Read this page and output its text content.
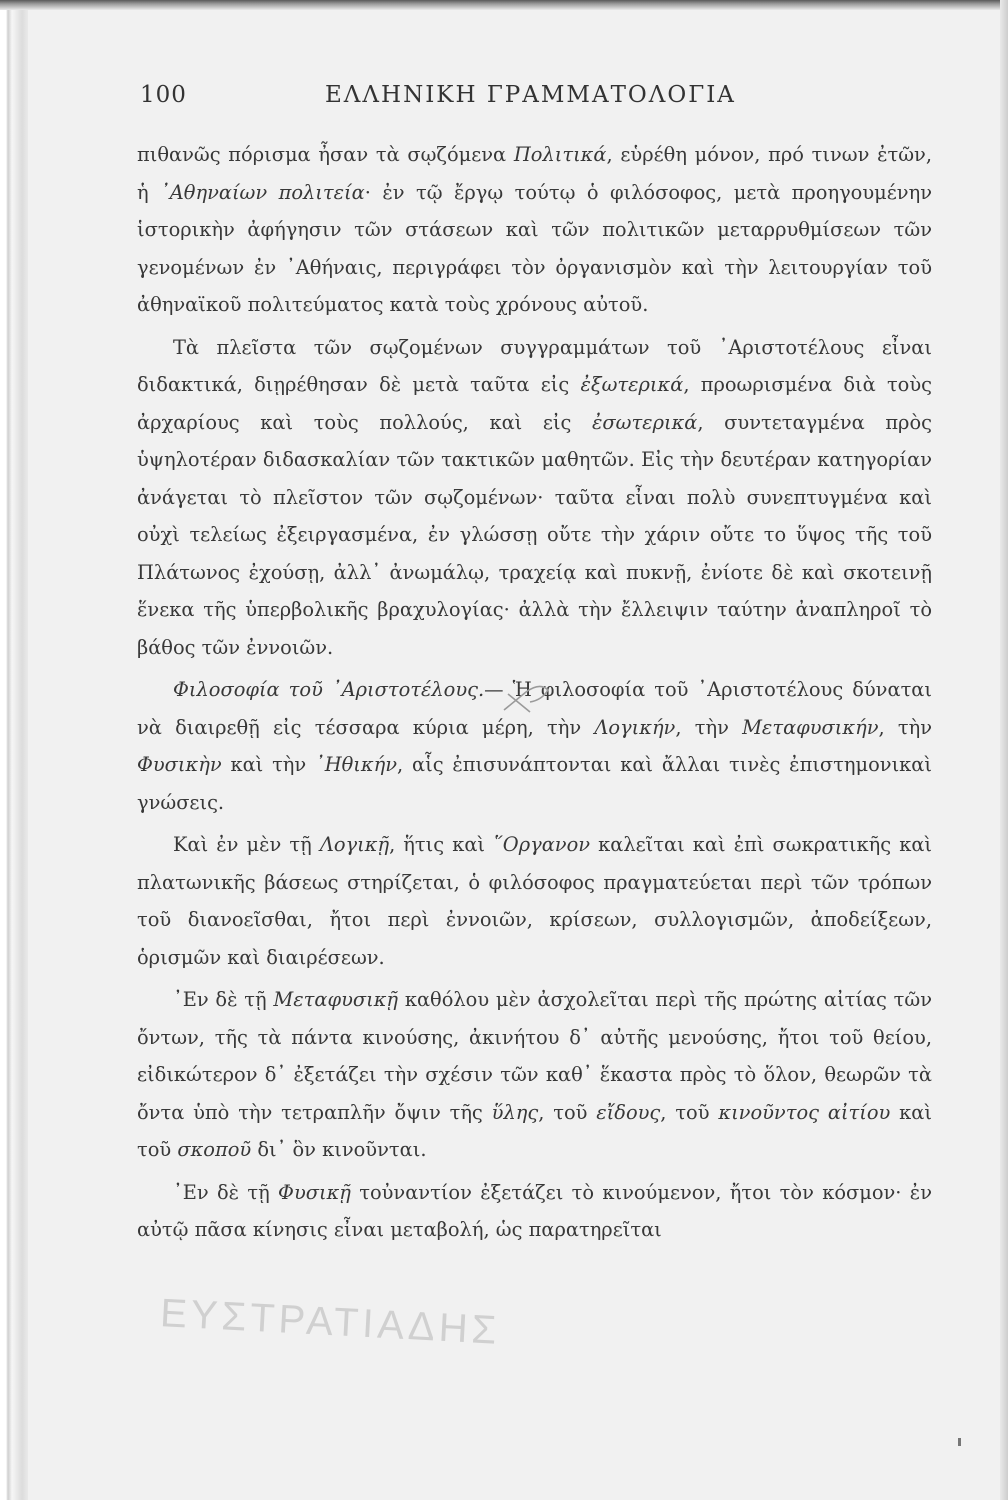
100	ΕΛΛΗΝΙΚΗ ΓΡΑΜΜΑΤΟΛΟΓΙΑ

πιθανῶς πόρισμα ἦσαν τὰ σῳζόμενα Πολιτικά, εὑρέθη μόνον, πρό τινων ἐτῶν, ἡ ᾽Αθηναίων πολιτεία· ἐν τῷ ἔργῳ τούτῳ ὁ φιλόσοφος, μετὰ προηγουμένην ἱστορικὴν ἀφήγησιν τῶν στάσεων καὶ τῶν πολιτικῶν μεταρρυθμίσεων τῶν γενομένων ἐν ᾽Αθήναις, περιγράφει τὸν ὀργανισμὸν καὶ τὴν λειτουργίαν τοῦ ἀθηναϊκοῦ πολιτεύματος κατὰ τοὺς χρόνους αὐτοῦ.

Τὰ πλεῖστα τῶν σῳζομένων συγγραμμάτων τοῦ ᾽Αριστοτέλους εἶναι διδακτικά, διῃρέθησαν δὲ μετὰ ταῦτα εἰς ἐξωτερικά, προωρισμένα διὰ τοὺς ἀρχαρίους καὶ τοὺς πολλούς, καὶ εἰς ἐσωτερικά, συντεταγμένα πρὸς ὑψηλοτέραν διδασκαλίαν τῶν τακτικῶν μαθητῶν. Εἰς τὴν δευτέραν κατηγορίαν ἀνάγεται τὸ πλεῖστον τῶν σῳζομένων· ταῦτα εἶναι πολὺ συνεπτυγμένα καὶ οὐχὶ τελείως ἐξειργασμένα, ἐν γλώσσῃ οὔτε τὴν χάριν οὔτε το ὕψος τῆς τοῦ Πλάτωνος ἐχούσῃ, ἀλλ᾽ ἀνωμάλῳ, τραχείᾳ καὶ πυκνῇ, ἐνίοτε δὲ καὶ σκοτεινῇ ἕνεκα τῆς ὑπερβολικῆς βραχυλογίας· ἀλλὰ τὴν ἔλλειψιν ταύτην ἀναπληροῖ τὸ βάθος τῶν ἐννοιῶν.

Φιλοσοφία τοῦ ᾽Αριστοτέλους.— Ἡ φιλοσοφία τοῦ ᾽Αριστοτέλους δύναται νὰ διαιρεθῇ εἰς τέσσαρα κύρια μέρη, τὴν Λογικήν, τὴν Μεταφυσικήν, τὴν Φυσικὴν καὶ τὴν ᾽Ηθικήν, αἷς ἐπισυνάπτονται καὶ ἄλλαι τινὲς ἐπιστημονικαὶ γνώσεις.

Καὶ ἐν μὲν τῇ Λογικῇ, ἥτις καὶ ῞Οργανον καλεῖται καὶ ἐπὶ σωκρατικῆς καὶ πλατωνικῆς βάσεως στηρίζεται, ὁ φιλόσοφος πραγματεύεται περὶ τῶν τρόπων τοῦ διανοεῖσθαι, ἤτοι περὶ ἐννοιῶν, κρίσεων, συλλογισμῶν, ἀποδείξεων, ὁρισμῶν καὶ διαιρέσεων.

᾽Εν δὲ τῇ Μεταφυσικῇ καθόλου μὲν ἀσχολεῖται περὶ τῆς πρώτης αἰτίας τῶν ὄντων, τῆς τὰ πάντα κινούσης, ἀκινήτου δ᾽ αὐτῆς μενούσης, ἤτοι τοῦ θείου, εἰδικώτερον δ᾽ ἐξετάζει τὴν σχέσιν τῶν καθ᾽ ἕκαστα πρὸς τὸ ὅλον, θεωρῶν τὰ ὄντα ὑπὸ τὴν τετραπλῆν ὄψιν τῆς ὕλης, τοῦ εἴδους, τοῦ κινοῦντος αἰτίου καὶ τοῦ σκοποῦ δι᾽ ὃν κινοῦνται.

᾽Εν δὲ τῇ Φυσικῇ τοὐναντίον ἐξετάζει τὸ κινούμενον, ἤτοι τὸν κόσμον· ἐν αὐτῷ πᾶσα κίνησις εἶναι μεταβολή, ὡς παρατηρεῖται

ΕΥΣΤΡΑΤΙΑΔΗΣ
